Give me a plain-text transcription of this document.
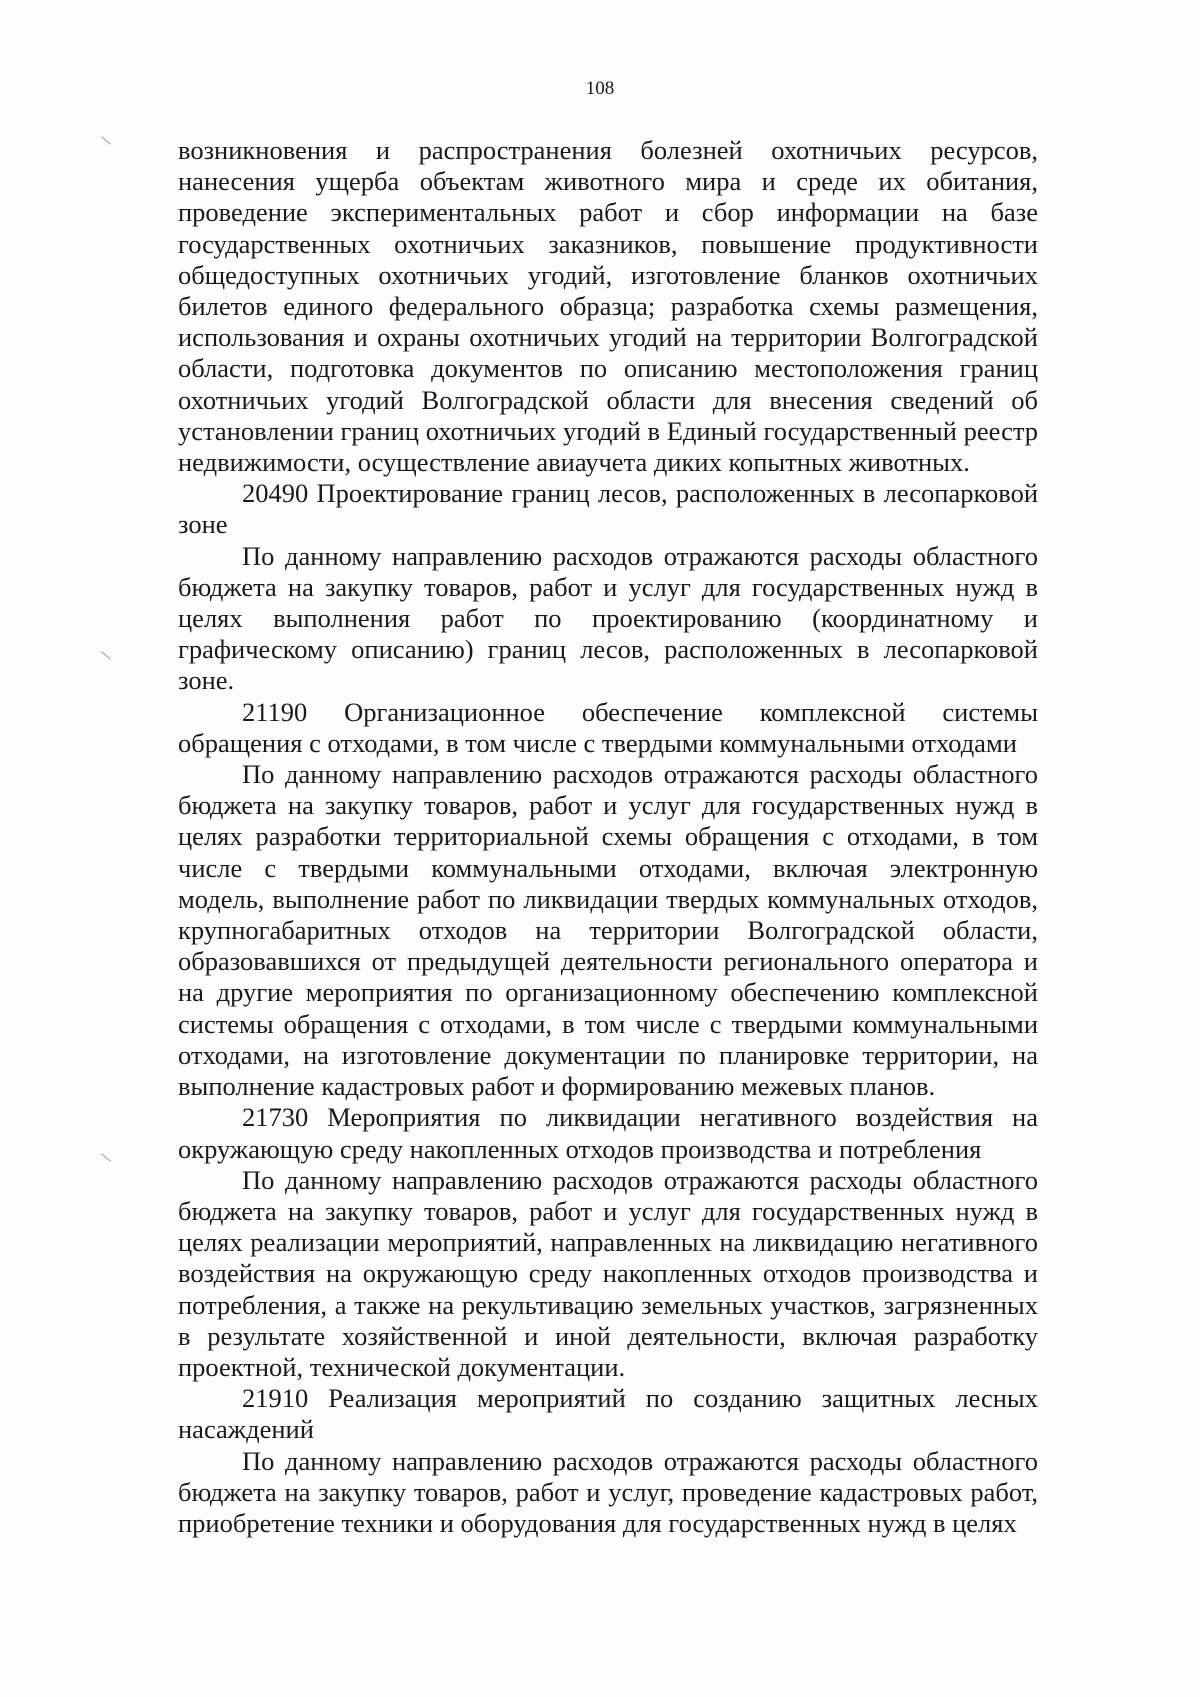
108

возникновения и распространения болезней охотничьих ресурсов, нанесения ущерба объектам животного мира и среде их обитания, проведение экспериментальных работ и сбор информации на базе государственных охотничьих заказников, повышение продуктивности общедоступных охотничьих угодий, изготовление бланков охотничьих билетов единого федерального образца; разработка схемы размещения, использования и охраны охотничьих угодий на территории Волгоградской области, подготовка документов по описанию местоположения границ охотничьих угодий Волгоградской области для внесения сведений об установлении границ охотничьих угодий в Единый государственный реестр недвижимости, осуществление авиаучета диких копытных животных.

20490 Проектирование границ лесов, расположенных в лесопарковой зоне

По данному направлению расходов отражаются расходы областного бюджета на закупку товаров, работ и услуг для государственных нужд в целях выполнения работ по проектированию (координатному и графическому описанию) границ лесов, расположенных в лесопарковой зоне.

21190 Организационное обеспечение комплексной системы обращения с отходами, в том числе с твердыми коммунальными отходами

По данному направлению расходов отражаются расходы областного бюджета на закупку товаров, работ и услуг для государственных нужд в целях разработки территориальной схемы обращения с отходами, в том числе с твердыми коммунальными отходами, включая электронную модель, выполнение работ по ликвидации твердых коммунальных отходов, крупногабаритных отходов на территории Волгоградской области, образовавшихся от предыдущей деятельности регионального оператора и на другие мероприятия по организационному обеспечению комплексной системы обращения с отходами, в том числе с твердыми коммунальными отходами, на изготовление документации по планировке территории, на выполнение кадастровых работ и формированию межевых планов.

21730 Мероприятия по ликвидации негативного воздействия на окружающую среду накопленных отходов производства и потребления

По данному направлению расходов отражаются расходы областного бюджета на закупку товаров, работ и услуг для государственных нужд в целях реализации мероприятий, направленных на ликвидацию негативного воздействия на окружающую среду накопленных отходов производства и потребления, а также на рекультивацию земельных участков, загрязненных в результате хозяйственной и иной деятельности, включая разработку проектной, технической документации.

21910 Реализация мероприятий по созданию защитных лесных насаждений

По данному направлению расходов отражаются расходы областного бюджета на закупку товаров, работ и услуг, проведение кадастровых работ, приобретение техники и оборудования для государственных нужд в целях
